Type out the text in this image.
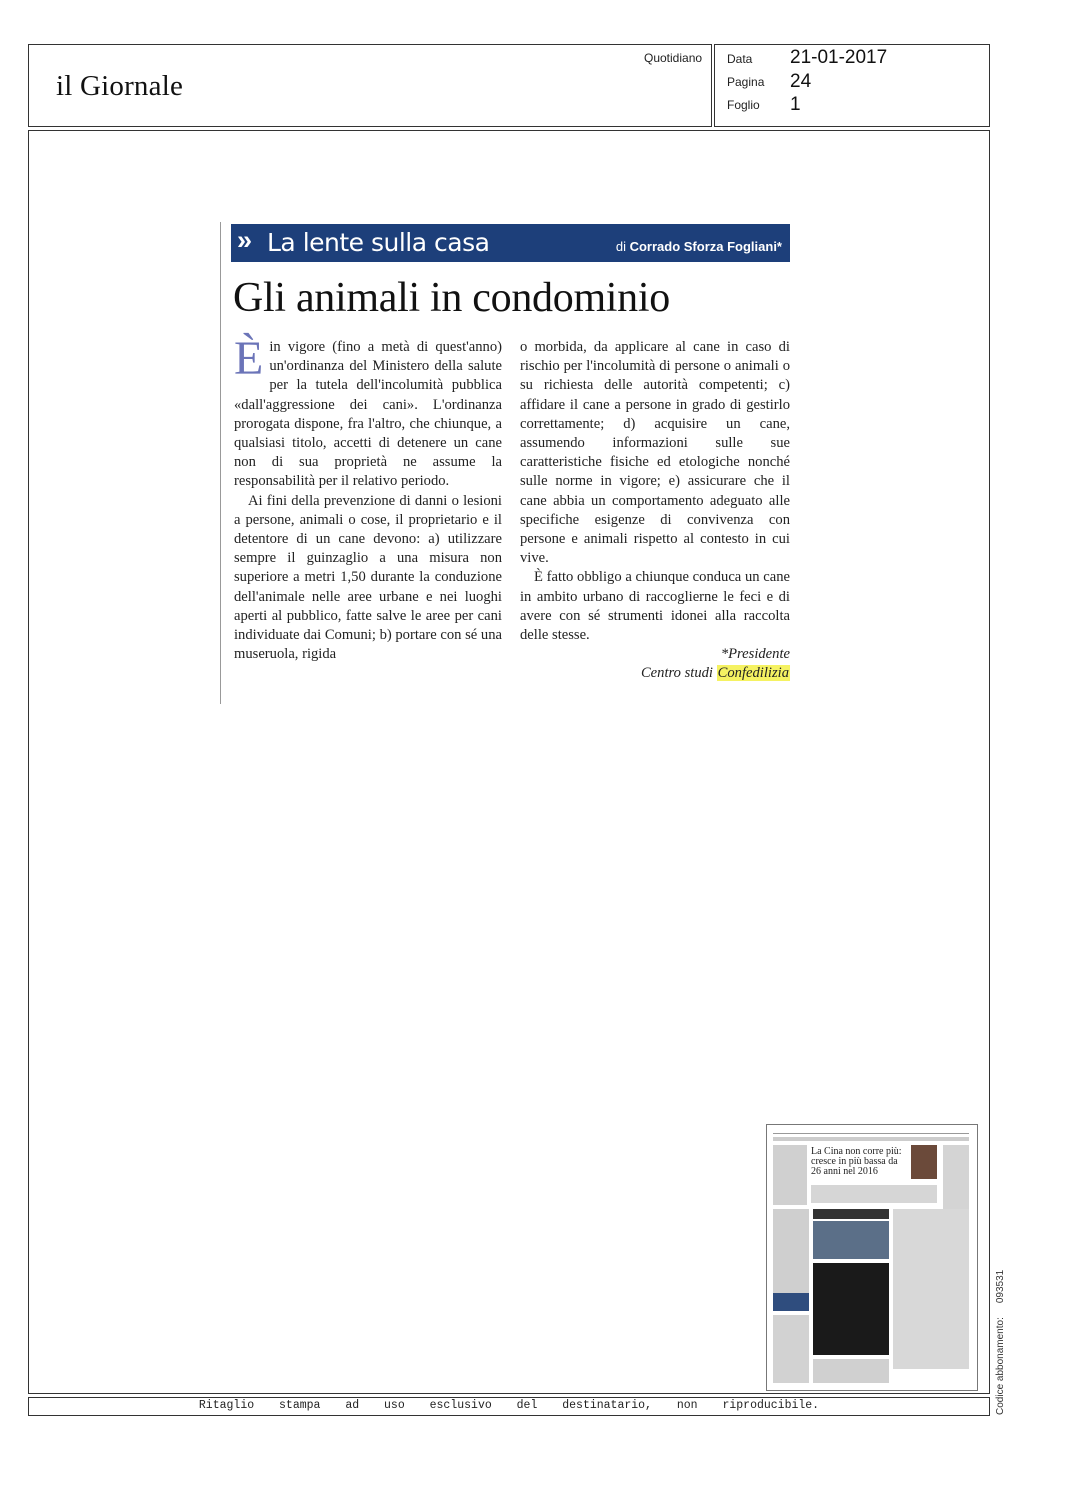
il Giornale
Quotidiano Data 21-01-2017
Pagina 24
Foglio 1
» La lente sulla casa	di Corrado Sforza Fogliani*
Gli animali in condominio

Èin vigore (fino a metà di quest'anno) un'ordinanza del Ministero della salute per la tutela dell'incolumità pubblica «dall'aggressione dei cani». L'ordinanza prorogata dispone, fra l'altro, che chiunque, a qualsiasi titolo, accetti di detenere un cane non di sua proprietà ne assume la responsabilità per il relativo periodo.

Ai fini della prevenzione di danni o lesioni a persone, animali o cose, il proprietario e il detentore di un cane devono: a) utilizzare sempre il guinzaglio a una misura non superiore a metri 1,50 durante la conduzione dell'animale nelle aree urbane e nei luoghi aperti al pubblico, fatte salve le aree per cani individuate dai Comuni; b) portare con sé una museruola, rigida

o morbida, da applicare al cane in caso di rischio per l'incolumità di persone o animali o su richiesta delle autorità competenti; c) affidare il cane a persone in grado di gestirlo correttamente; d) acquisire un cane, assumendo informazioni sulle sue caratteristiche fisiche ed etologiche nonché sulle norme in vigore; e) assicurare che il cane abbia un comportamento adeguato alle specifiche esigenze di convivenza con persone e animali rispetto al contesto in cui vive.

È fatto obbligo a chiunque conduca un cane in ambito urbano di raccoglierne le feci e di avere con sé strumenti idonei alla raccolta delle stesse.

*Presidente
Centro studi Confedilizia
La Cina non corre più: cresce in più bassa da 26 anni nel 2016
Ritaglio stampa ad uso esclusivo del destinatario, non riproducibile.	Codice abbonamento:093531
